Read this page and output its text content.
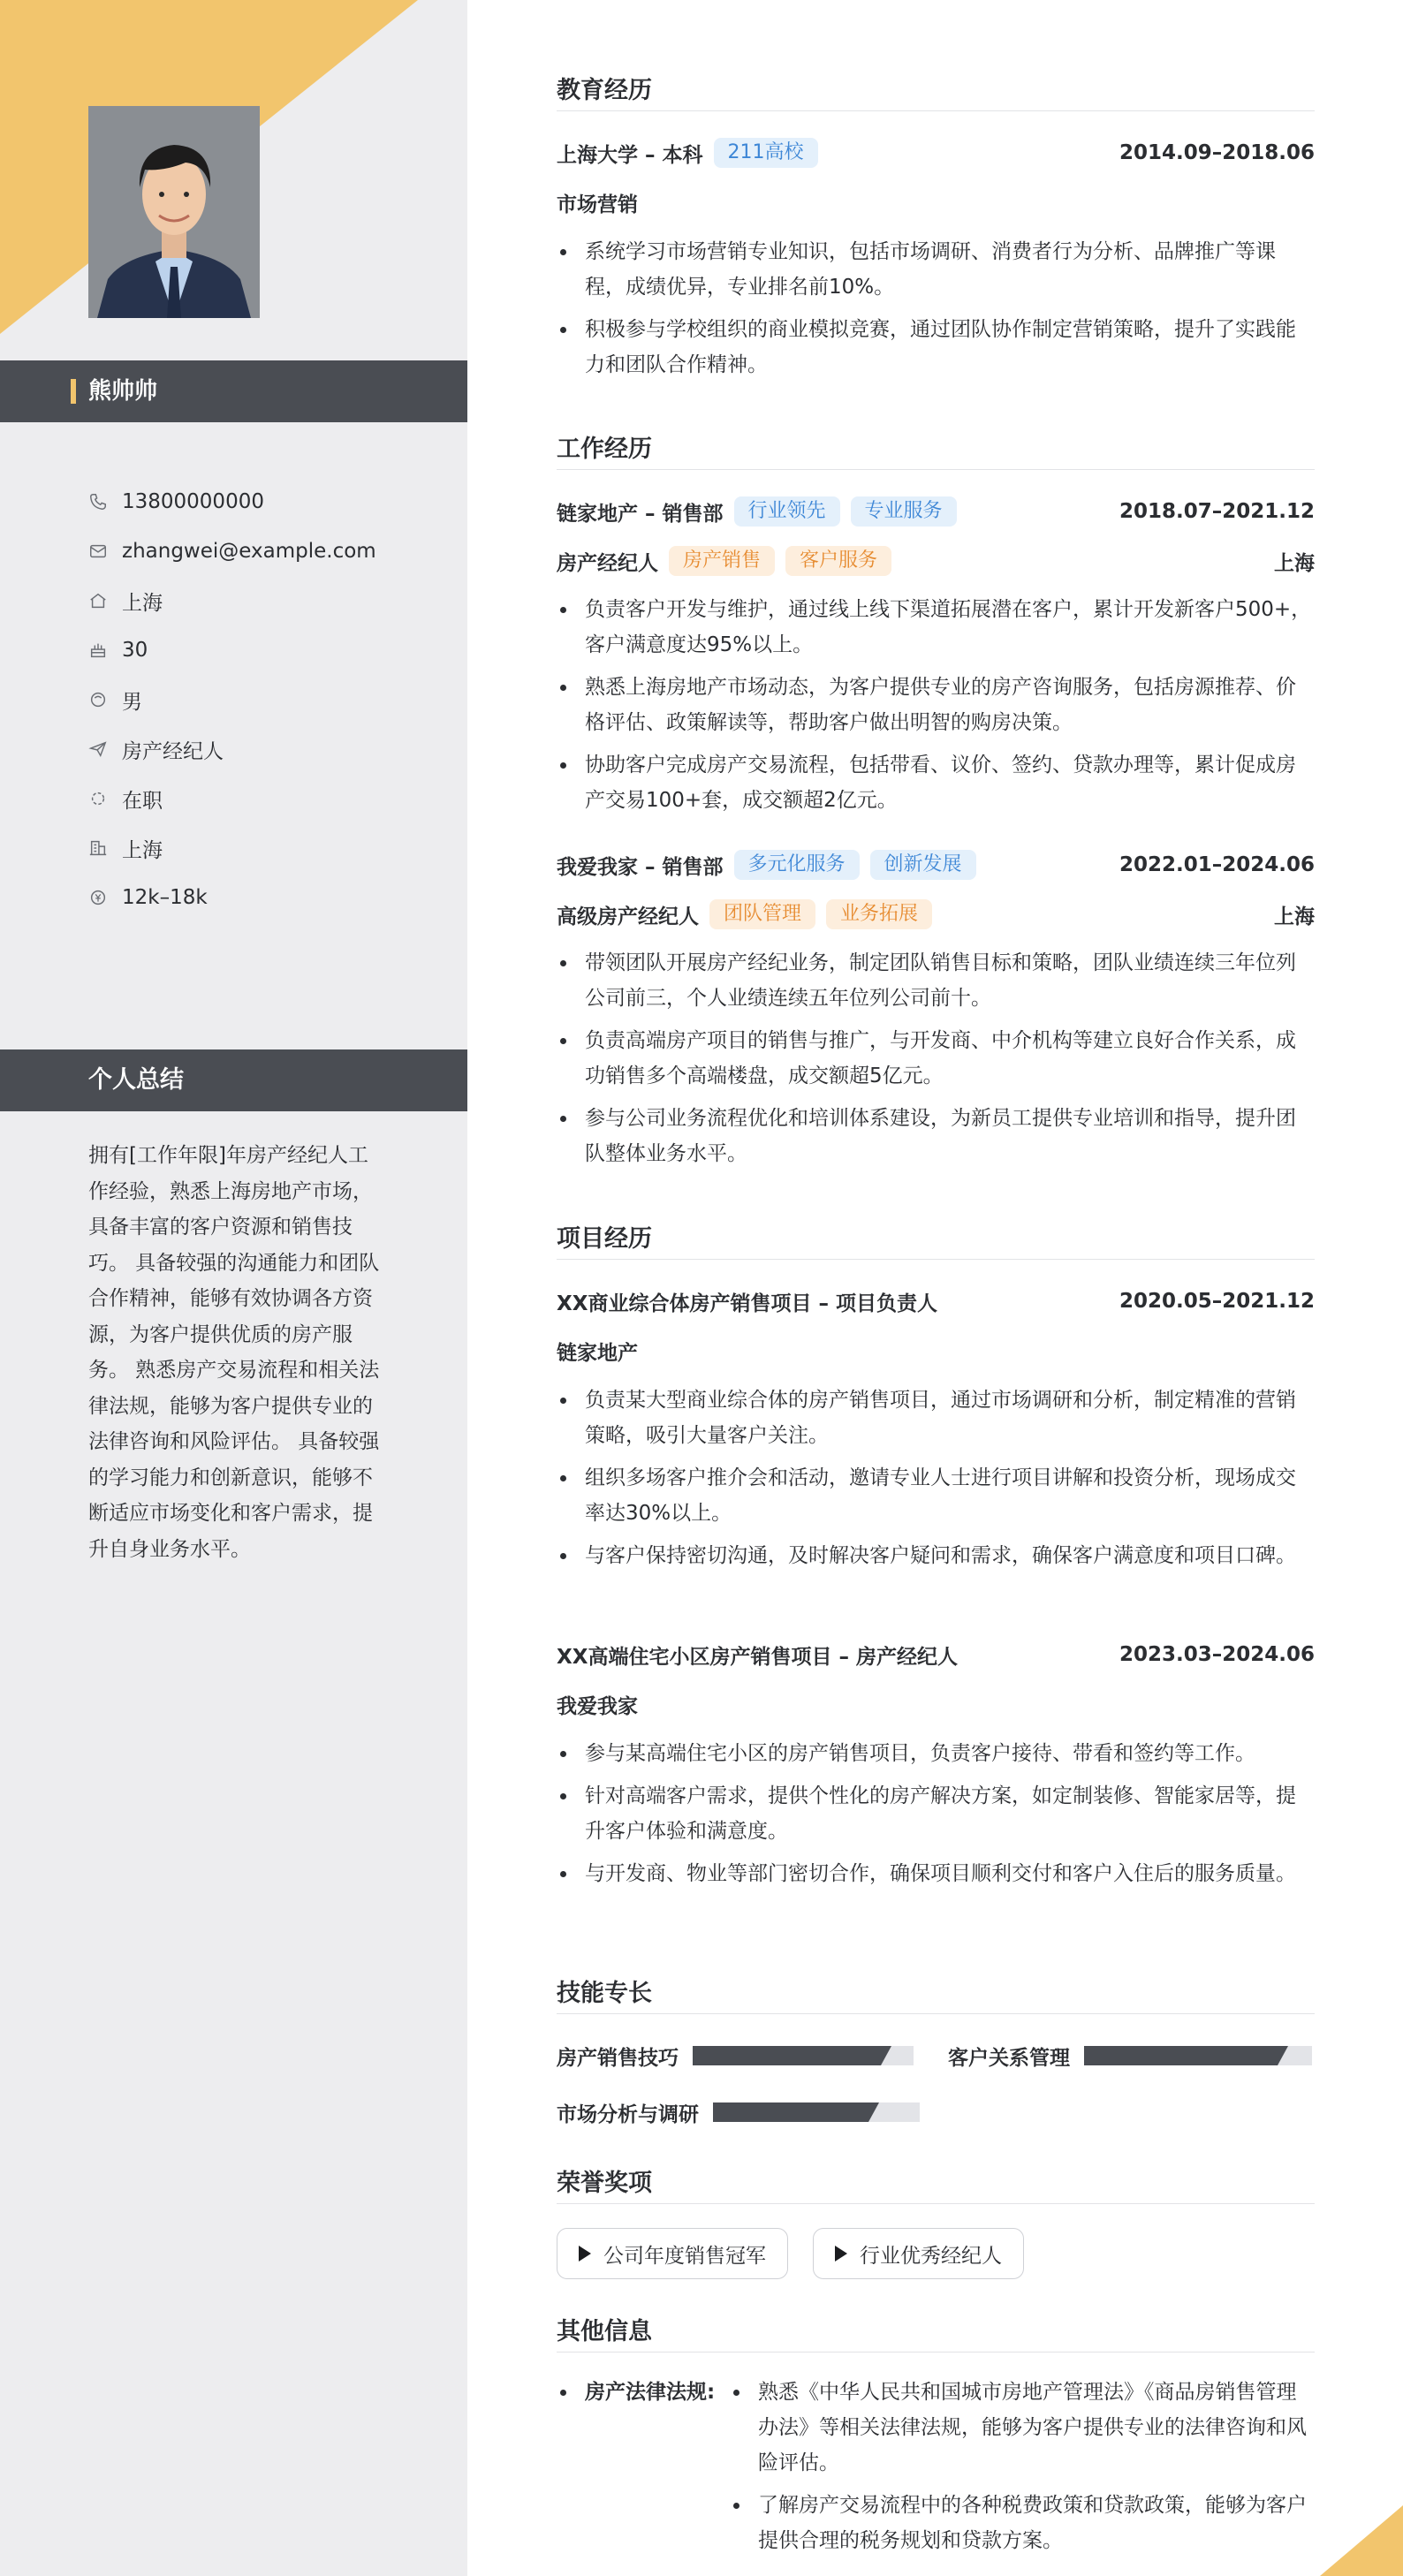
熊帅帅
13800000000
zhangwei@example.com
上海
30
男
房产经纪人
在职
上海
12k–18k
个人总结
拥有[工作年限]年房产经纪人工作经验，熟悉上海房地产市场，具备丰富的客户资源和销售技巧。 具备较强的沟通能力和团队合作精神，能够有效协调各方资源，为客户提供优质的房产服务。 熟悉房产交易流程和相关法律法规，能够为客户提供专业的法律咨询和风险评估。 具备较强的学习能力和创新意识，能够不断适应市场变化和客户需求，提升自身业务水平。
教育经历
上海大学 – 本科	211高校	2014.09–2018.06
市场营销
系统学习市场营销专业知识，包括市场调研、消费者行为分析、品牌推广等课程，成绩优异，专业排名前10%。
积极参与学校组织的商业模拟竞赛，通过团队协作制定营销策略，提升了实践能力和团队合作精神。
工作经历
链家地产 – 销售部	行业领先	专业服务	2018.07–2021.12
房产经纪人	房产销售	客户服务	上海
负责客户开发与维护，通过线上线下渠道拓展潜在客户，累计开发新客户500+，客户满意度达95%以上。
熟悉上海房地产市场动态，为客户提供专业的房产咨询服务，包括房源推荐、价格评估、政策解读等，帮助客户做出明智的购房决策。
协助客户完成房产交易流程，包括带看、议价、签约、贷款办理等，累计促成房产交易100+套，成交额超2亿元。
我爱我家 – 销售部	多元化服务	创新发展	2022.01–2024.06
高级房产经纪人	团队管理	业务拓展	上海
带领团队开展房产经纪业务，制定团队销售目标和策略，团队业绩连续三年位列公司前三，个人业绩连续五年位列公司前十。
负责高端房产项目的销售与推广，与开发商、中介机构等建立良好合作关系，成功销售多个高端楼盘，成交额超5亿元。
参与公司业务流程优化和培训体系建设，为新员工提供专业培训和指导，提升团队整体业务水平。
项目经历
XX商业综合体房产销售项目 – 项目负责人	2020.05–2021.12
链家地产
负责某大型商业综合体的房产销售项目，通过市场调研和分析，制定精准的营销策略，吸引大量客户关注。
组织多场客户推介会和活动，邀请专业人士进行项目讲解和投资分析，现场成交率达30%以上。
与客户保持密切沟通，及时解决客户疑问和需求，确保客户满意度和项目口碑。
XX高端住宅小区房产销售项目 – 房产经纪人	2023.03–2024.06
我爱我家
参与某高端住宅小区的房产销售项目，负责客户接待、带看和签约等工作。
针对高端客户需求，提供个性化的房产解决方案，如定制装修、智能家居等，提升客户体验和满意度。
与开发商、物业等部门密切合作，确保项目顺利交付和客户入住后的服务质量。
技能专长
房产销售技巧	客户关系管理
市场分析与调研
荣誉奖项
公司年度销售冠军	行业优秀经纪人
其他信息
房产法律法规:	熟悉《中华人民共和国城市房地产管理法》《商品房销售管理办法》等相关法律法规，能够为客户提供专业的法律咨询和风险评估。
了解房产交易流程中的各种税费政策和贷款政策，能够为客户提供合理的税务规划和贷款方案。
